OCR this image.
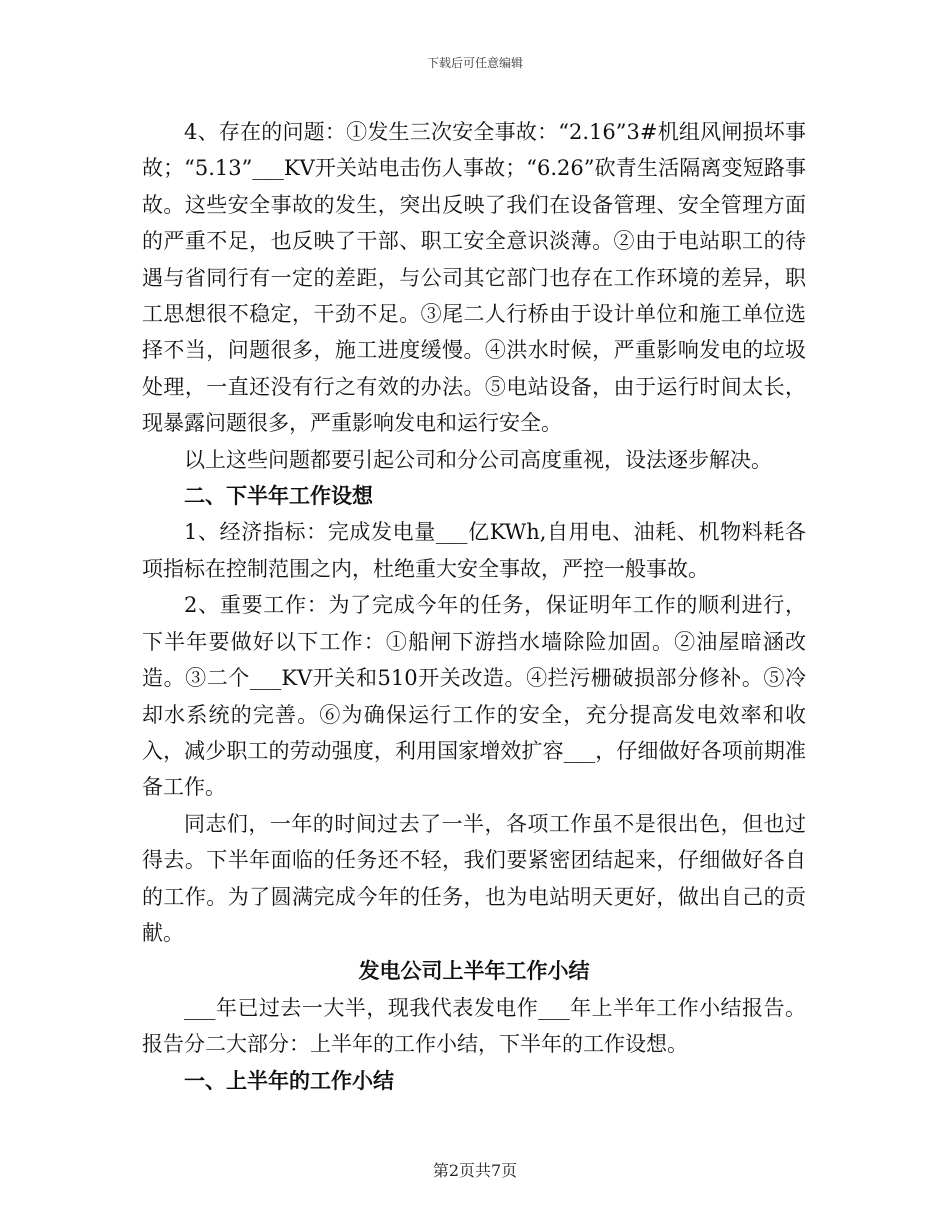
下载后可任意编辑

4、存在的问题：①发生三次安全事故：“2.16”3#机组风闸损坏事故；“5.13”___KV开关站电击伤人事故；“6.26”砍青生活隔离变短路事故。这些安全事故的发生，突出反映了我们在设备管理、安全管理方面的严重不足，也反映了干部、职工安全意识淡薄。②由于电站职工的待遇与省同行有一定的差距，与公司其它部门也存在工作环境的差异，职工思想很不稳定，干劲不足。③尾二人行桥由于设计单位和施工单位选择不当，问题很多，施工进度缓慢。④洪水时候，严重影响发电的垃圾处理，一直还没有行之有效的办法。⑤电站设备，由于运行时间太长，现暴露问题很多，严重影响发电和运行安全。

以上这些问题都要引起公司和分公司高度重视，设法逐步解决。

二、下半年工作设想

1、经济指标：完成发电量___亿KWh,自用电、油耗、机物料耗各项指标在控制范围之内，杜绝重大安全事故，严控一般事故。

2、重要工作：为了完成今年的任务，保证明年工作的顺利进行，下半年要做好以下工作：①船闸下游挡水墙除险加固。②油屋暗涵改造。③二个___KV开关和510开关改造。④拦污栅破损部分修补。⑤冷却水系统的完善。⑥为确保运行工作的安全，充分提高发电效率和收入，减少职工的劳动强度，利用国家增效扩容___，仔细做好各项前期准备工作。

同志们，一年的时间过去了一半，各项工作虽不是很出色，但也过得去。下半年面临的任务还不轻，我们要紧密团结起来，仔细做好各自的工作。为了圆满完成今年的任务，也为电站明天更好，做出自己的贡献。

发电公司上半年工作小结

___年已过去一大半，现我代表发电作___年上半年工作小结报告。报告分二大部分：上半年的工作小结，下半年的工作设想。

一、上半年的工作小结

第2页共7页
